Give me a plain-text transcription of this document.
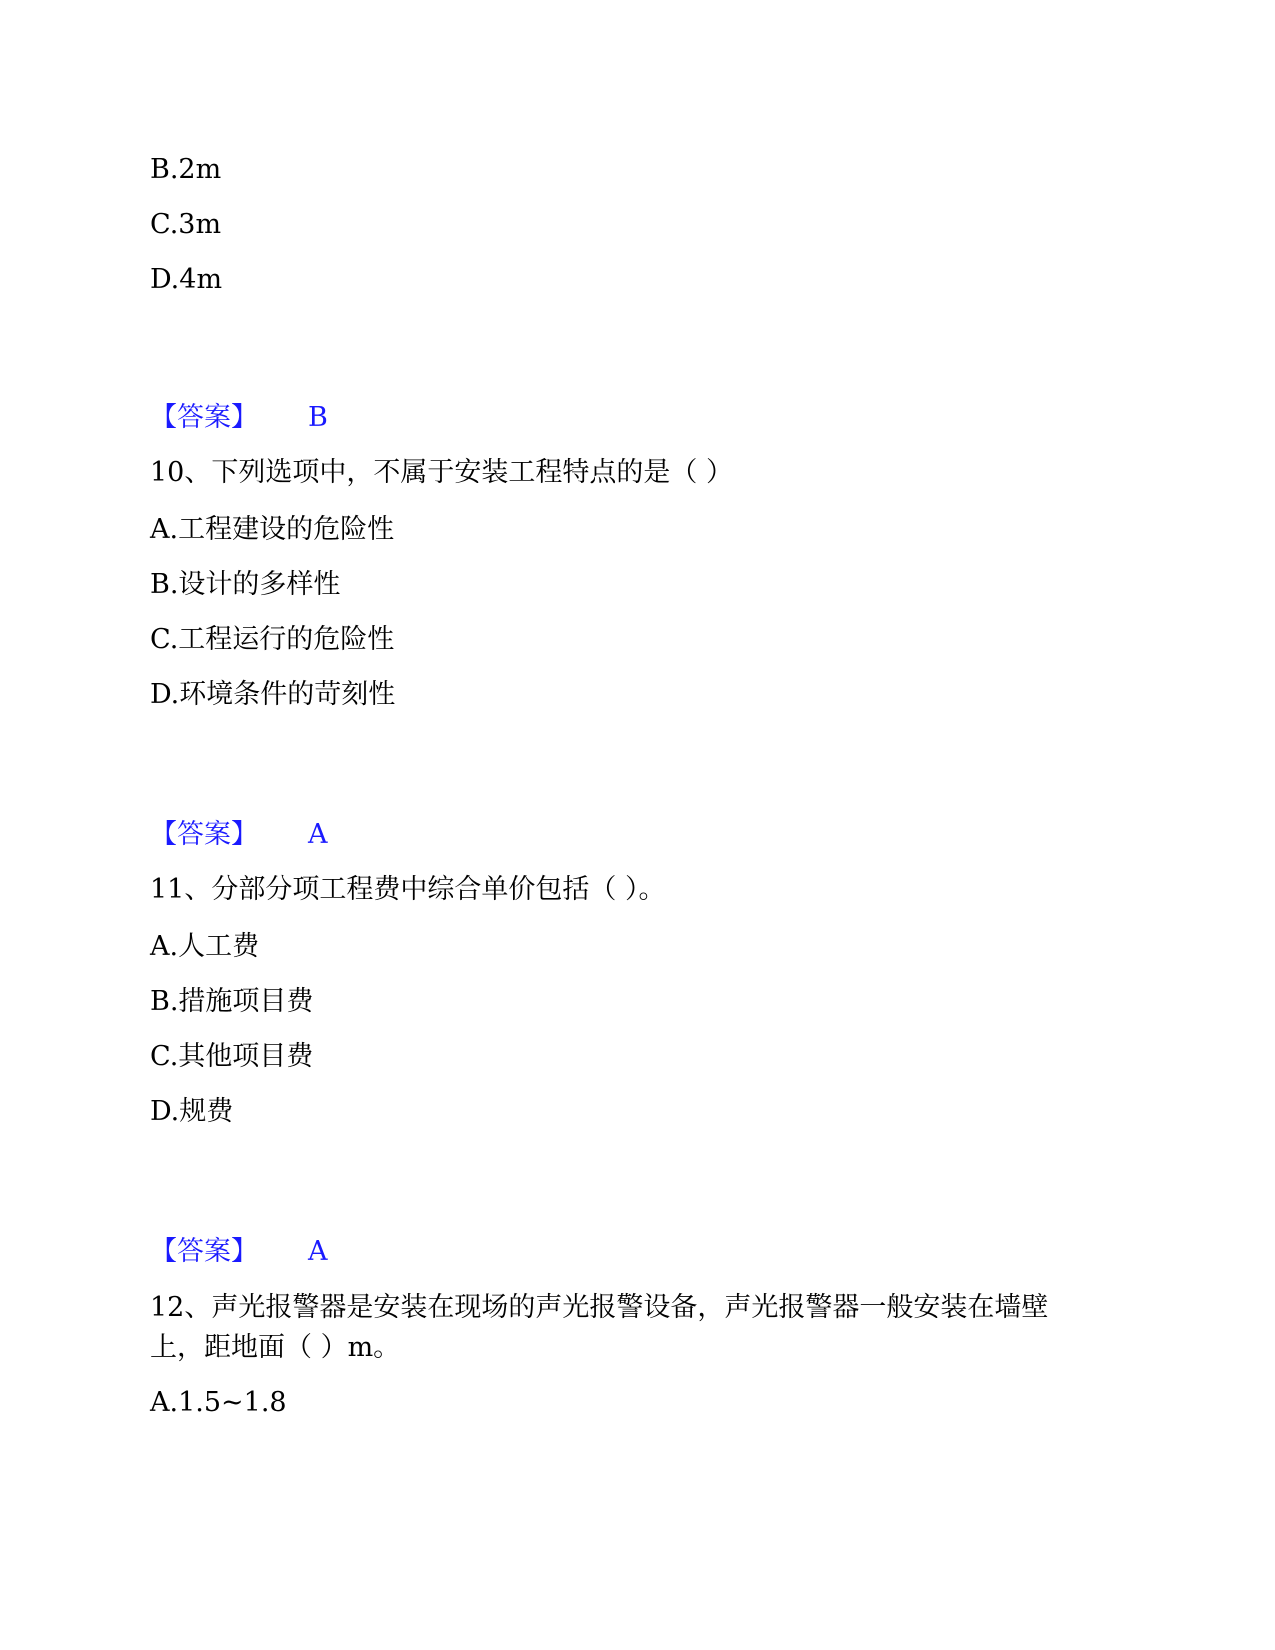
B.2m
C.3m
D.4m
【答案】 B
10、下列选项中，不属于安装工程特点的是（ ）
A.工程建设的危险性
B.设计的多样性
C.工程运行的危险性
D.环境条件的苛刻性
【答案】 A
11、分部分项工程费中综合单价包括（ ）。
A.人工费
B.措施项目费
C.其他项目费
D.规费
【答案】 A
12、声光报警器是安装在现场的声光报警设备，声光报警器一般安装在墙壁
上，距地面（ ）m。
A.1.5~1.8
